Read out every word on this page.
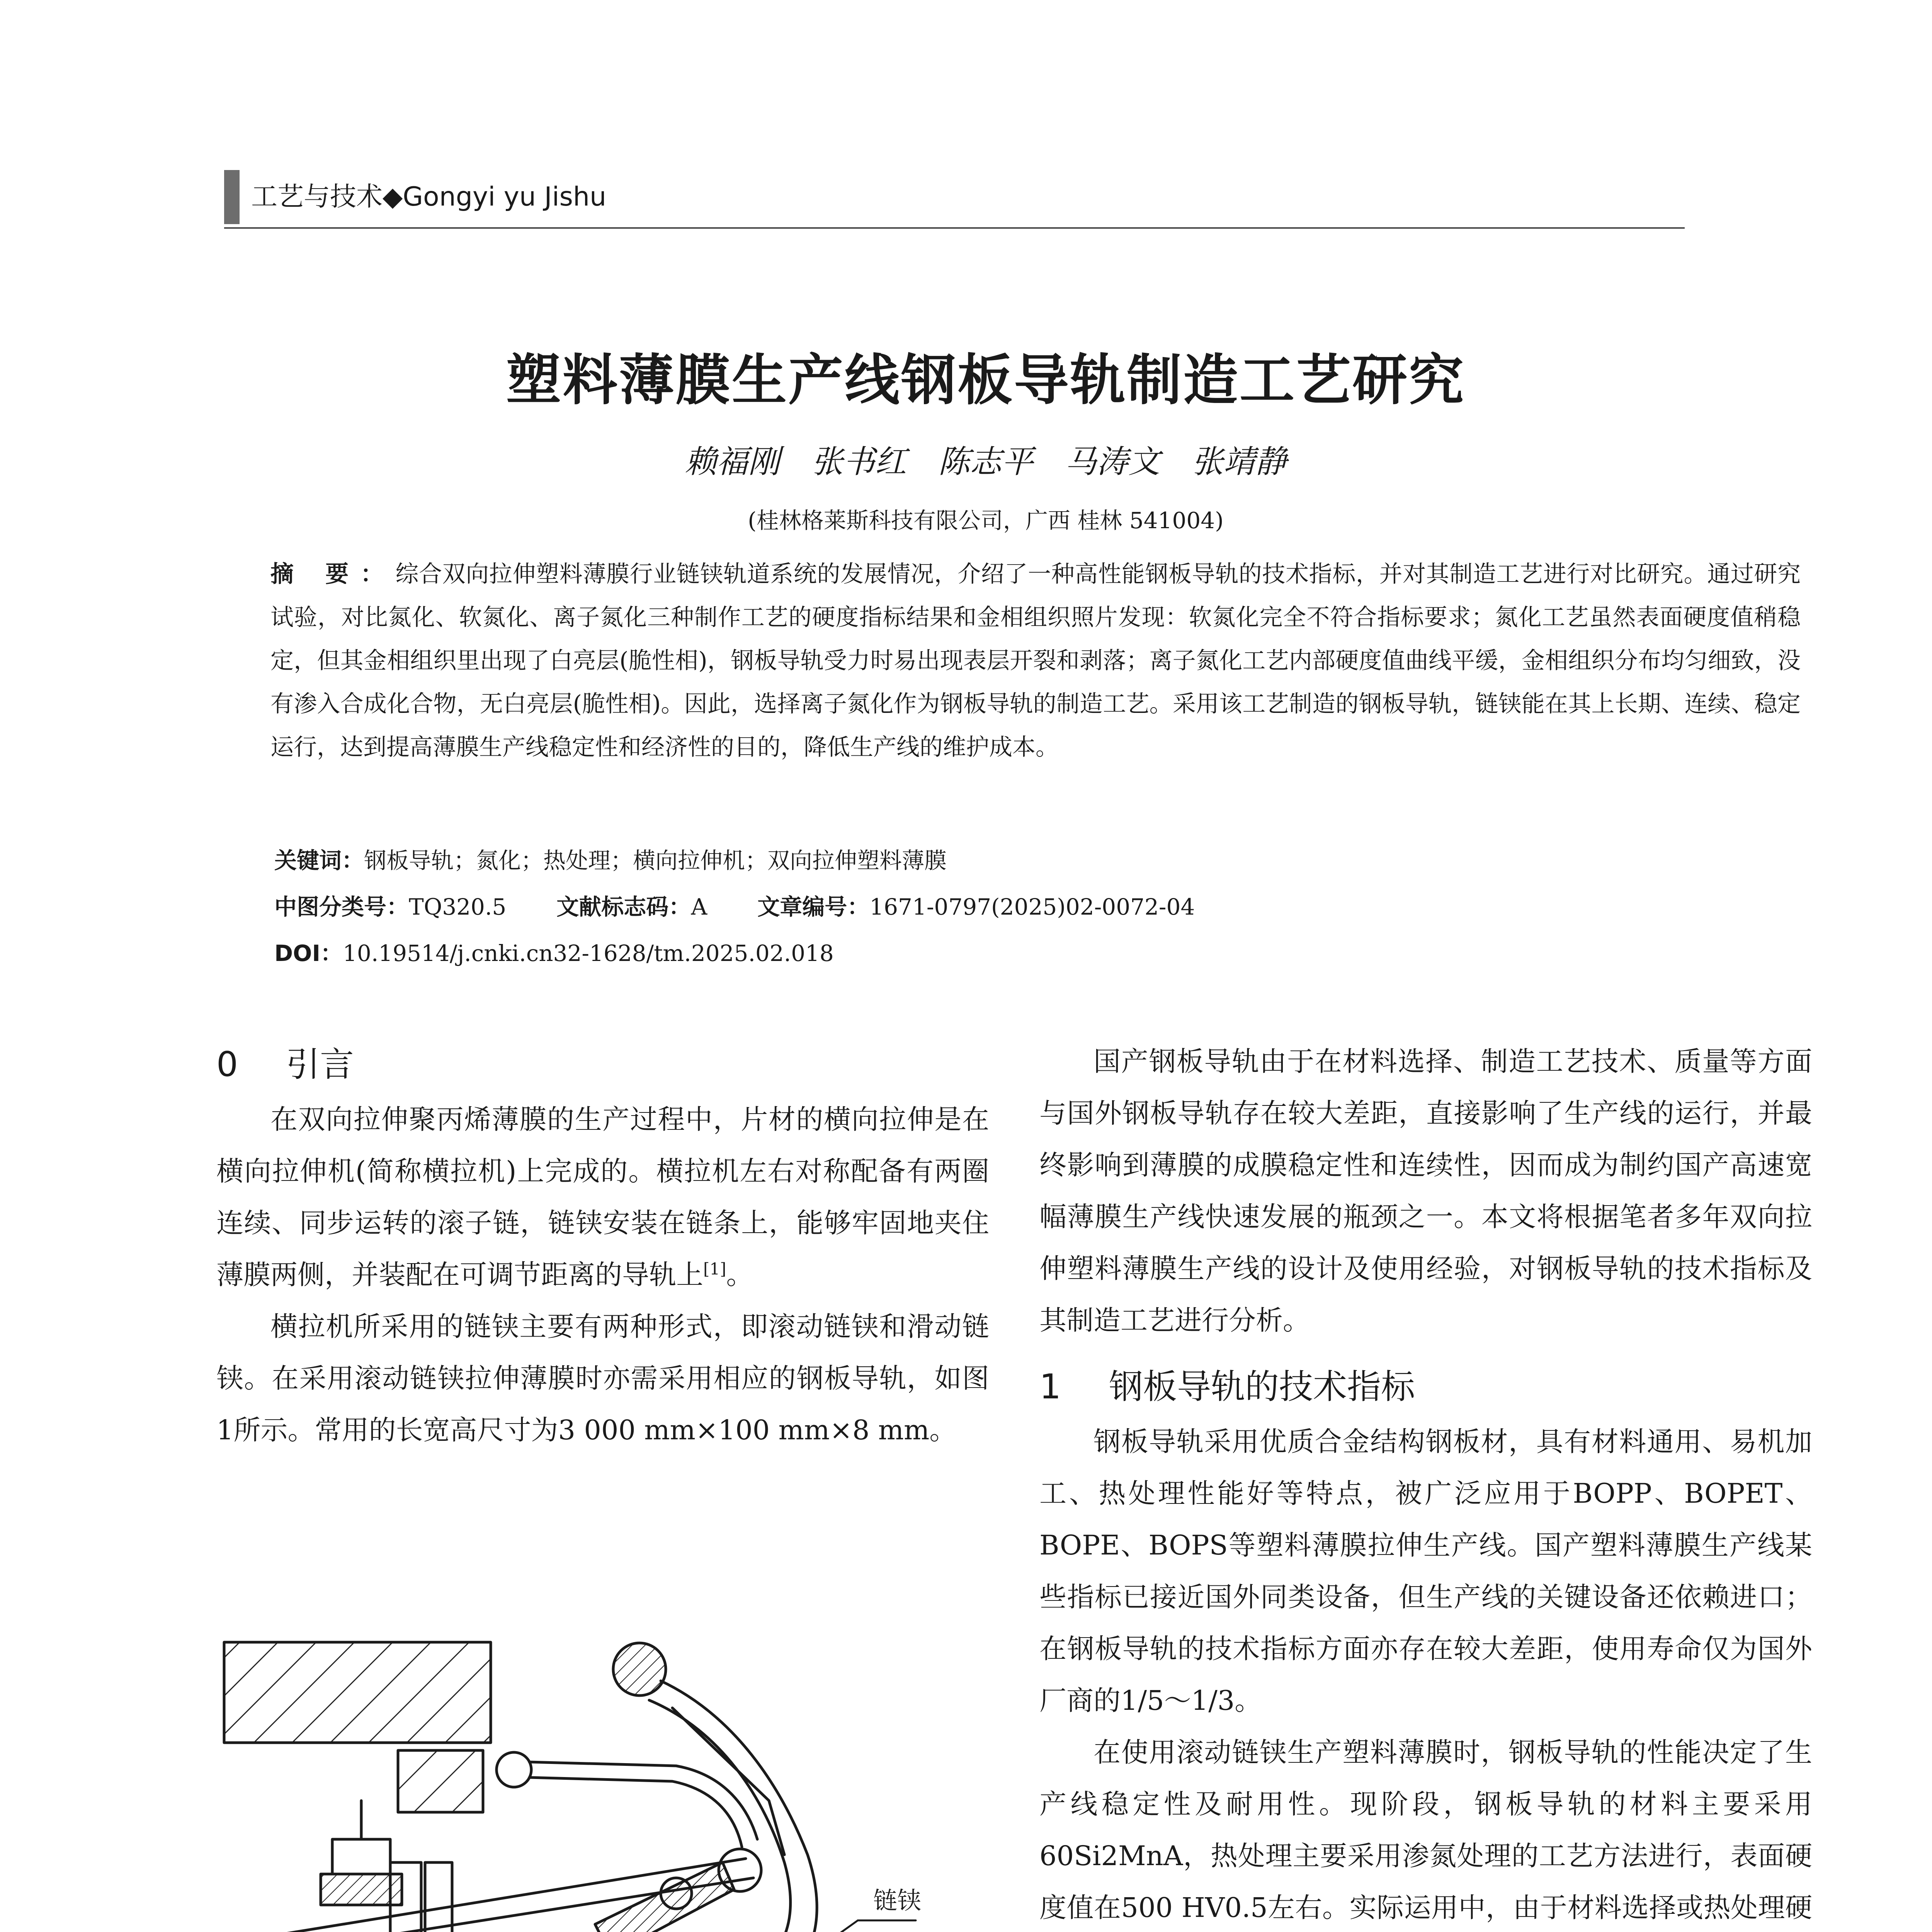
工艺与技术◆Gongyi yu Jishu
塑料薄膜生产线钢板导轨制造工艺研究
赖福刚　张书红　陈志平　马涛文　张靖静
(桂林格莱斯科技有限公司，广西 桂林 541004)
摘 要：综合双向拉伸塑料薄膜行业链铗轨道系统的发展情况，介绍了一种高性能钢板导轨的技术指标，并对其制造工艺进行对比研究。通过研究试验，对比氮化、软氮化、离子氮化三种制作工艺的硬度指标结果和金相组织照片发现：软氮化完全不符合指标要求；氮化工艺虽然表面硬度值稍稳定，但其金相组织里出现了白亮层(脆性相)，钢板导轨受力时易出现表层开裂和剥落；离子氮化工艺内部硬度值曲线平缓，金相组织分布均匀细致，没有渗入合成化合物，无白亮层(脆性相)。因此，选择离子氮化作为钢板导轨的制造工艺。采用该工艺制造的钢板导轨，链铗能在其上长期、连续、稳定运行，达到提高薄膜生产线稳定性和经济性的目的，降低生产线的维护成本。
关键词：钢板导轨；氮化；热处理；横向拉伸机；双向拉伸塑料薄膜
中图分类号：TQ320.5 文献标志码：A 文章编号：1671-0797(2025)02-0072-04
DOI：10.19514/j.cnki.cn32-1628/tm.2025.02.018
0 引言

在双向拉伸聚丙烯薄膜的生产过程中，片材的横向拉伸是在横向拉伸机(简称横拉机)上完成的。横拉机左右对称配备有两圈连续、同步运转的滚子链，链铗安装在链条上，能够牢固地夹住薄膜两侧，并装配在可调节距离的导轨上[1]。

横拉机所采用的链铗主要有两种形式，即滚动链铗和滑动链铗。在采用滚动链铗拉伸薄膜时亦需采用相应的钢板导轨，如图1所示。常用的长宽高尺寸为3 000 mm×100 mm×8 mm。

链铗

国产钢板导轨由于在材料选择、制造工艺技术、质量等方面与国外钢板导轨存在较大差距，直接影响了生产线的运行，并最终影响到薄膜的成膜稳定性和连续性，因而成为制约国产高速宽幅薄膜生产线快速发展的瓶颈之一。本文将根据笔者多年双向拉伸塑料薄膜生产线的设计及使用经验，对钢板导轨的技术指标及其制造工艺进行分析。

1 钢板导轨的技术指标

钢板导轨采用优质合金结构钢板材，具有材料通用、易机加工、热处理性能好等特点，被广泛应用于BOPP、BOPET、BOPE、BOPS等塑料薄膜拉伸生产线。国产塑料薄膜生产线某些指标已接近国外同类设备，但生产线的关键设备还依赖进口；在钢板导轨的技术指标方面亦存在较大差距，使用寿命仅为国外厂商的1/5～1/3。

在使用滚动链铗生产塑料薄膜时，钢板导轨的性能决定了生产线稳定性及耐用性。现阶段，钢板导轨的材料主要采用60Si2MnA，热处理主要采用渗氮处理的工艺方法进行，表面硬度值在500 HV0.5左右。实际运用中，由于材料选择或热处理硬
